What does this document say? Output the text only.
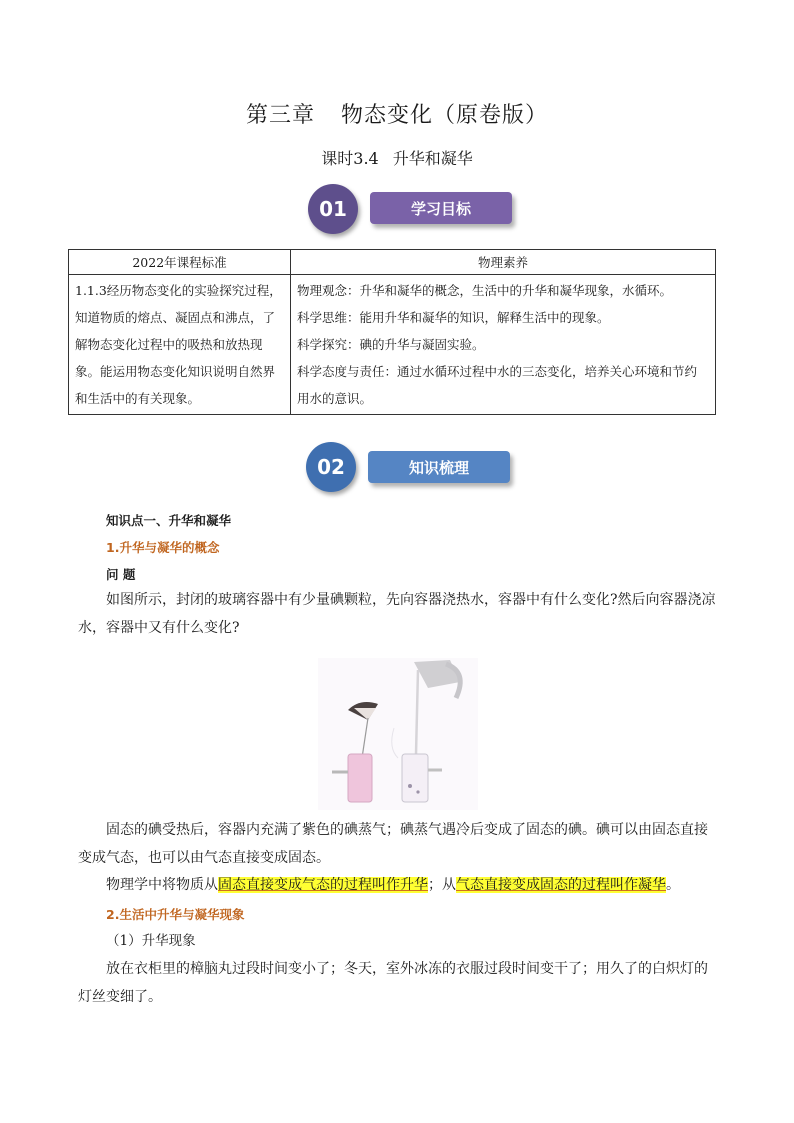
第三章 物态变化（原卷版）
课时3.4 升华和凝华
01	学习目标
2022年课程标准	物理素养
1.1.3经历物态变化的实验探究过程，知道物质的熔点、凝固点和沸点，了解物态变化过程中的吸热和放热现象。能运用物态变化知识说明自然界和生活中的有关现象。	物理观念：升华和凝华的概念，生活中的升华和凝华现象，水循环。
科学思维：能用升华和凝华的知识，解释生活中的现象。
科学探究：碘的升华与凝固实验。
科学态度与责任：通过水循环过程中水的三态变化，培养关心环境和节约用水的意识。
02	知识梳理
知识点一、升华和凝华
1.升华与凝华的概念
问 题
如图所示，封闭的玻璃容器中有少量碘颗粒，先向容器浇热水，容器中有什么变化?然后向容器浇凉水，容器中又有什么变化?
固态的碘受热后，容器内充满了紫色的碘蒸气；碘蒸气遇冷后变成了固态的碘。碘可以由固态直接变成气态，也可以由气态直接变成固态。
物理学中将物质从固态直接变成气态的过程叫作升华；从气态直接变成固态的过程叫作凝华。
2.生活中升华与凝华现象
（1）升华现象
放在衣柜里的樟脑丸过段时间变小了；冬天，室外冰冻的衣服过段时间变干了；用久了的白炽灯的灯丝变细了。
